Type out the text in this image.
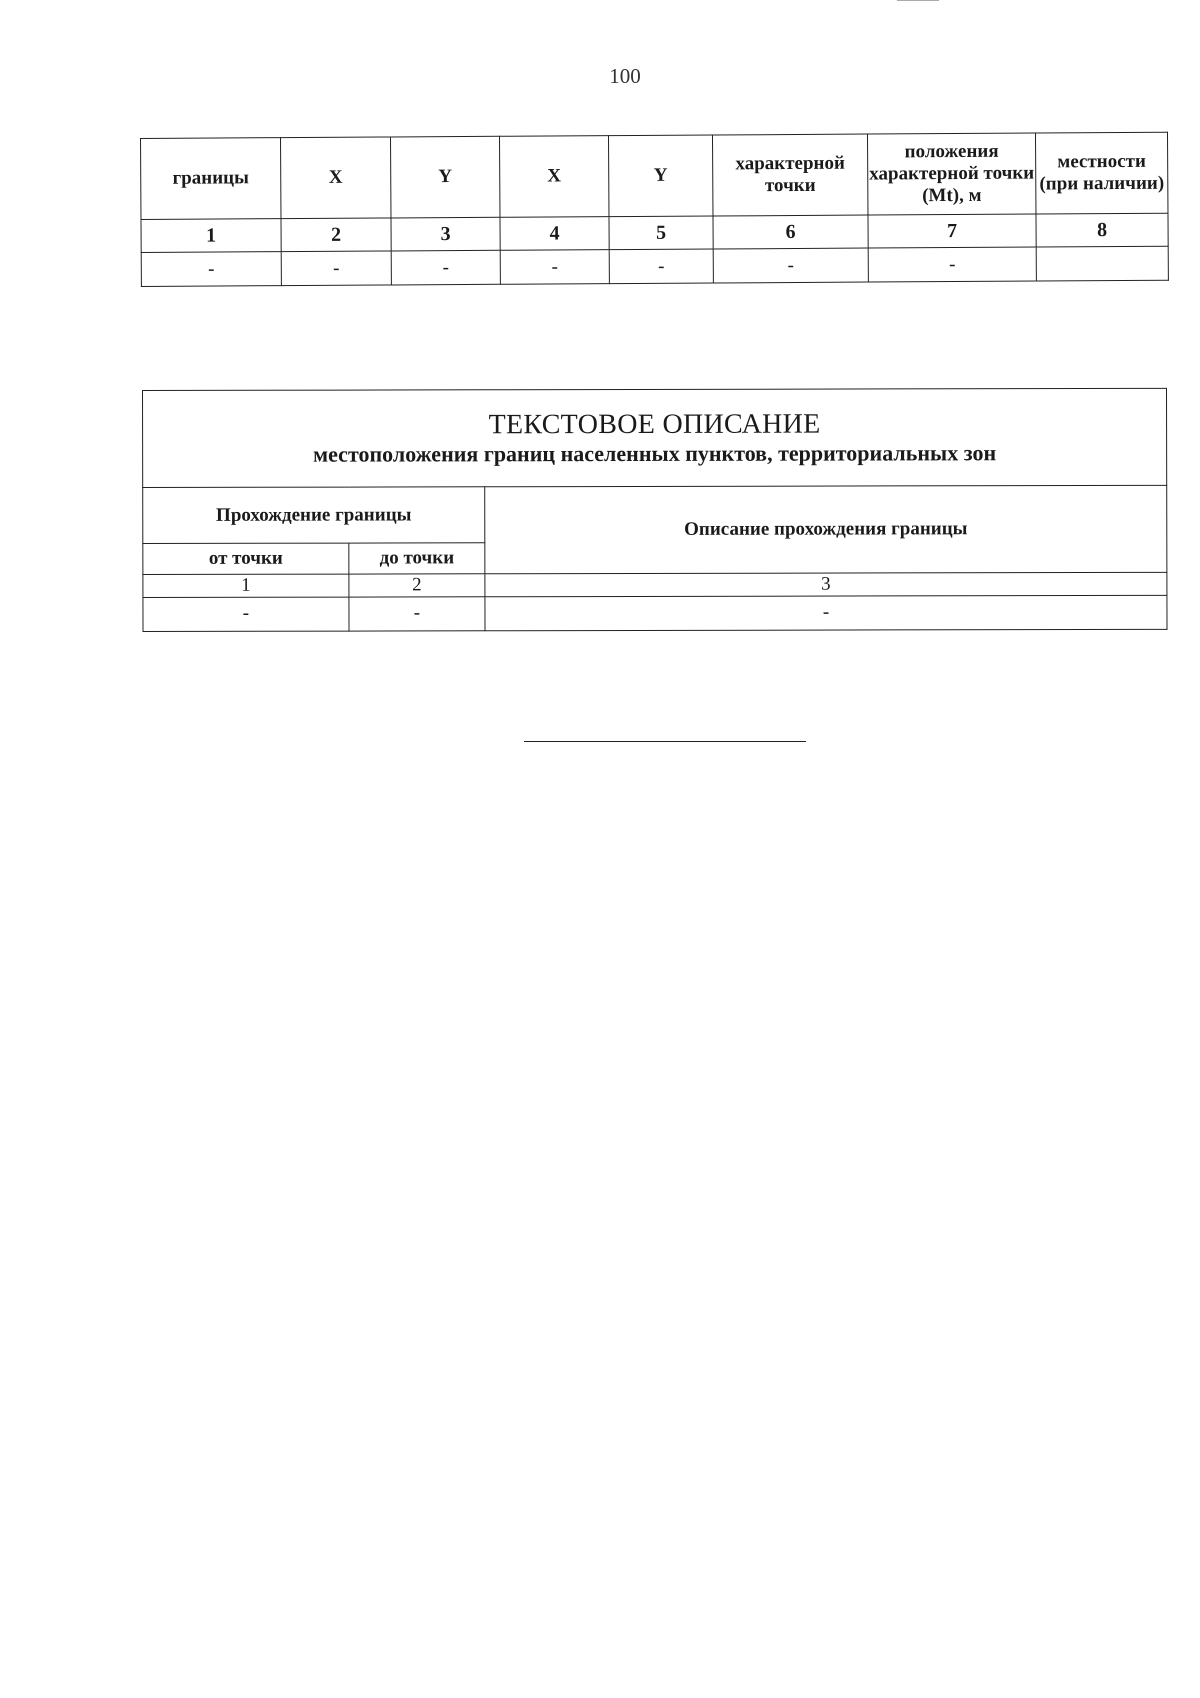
100
границы	X	Y	X	Y	характерной точки	положения характерной точки (Mt), м	местности (при наличии)
1	2	3	4	5	6	7	8
-	-	-	-	-	-	-	
ТЕКСТОВОЕ ОПИСАНИЕ
местоположения границ населенных пунктов, территориальных зон		

Прохождение границы		Описание прохождения границы
от точки	до точки	
1	2	3
-	-	-
